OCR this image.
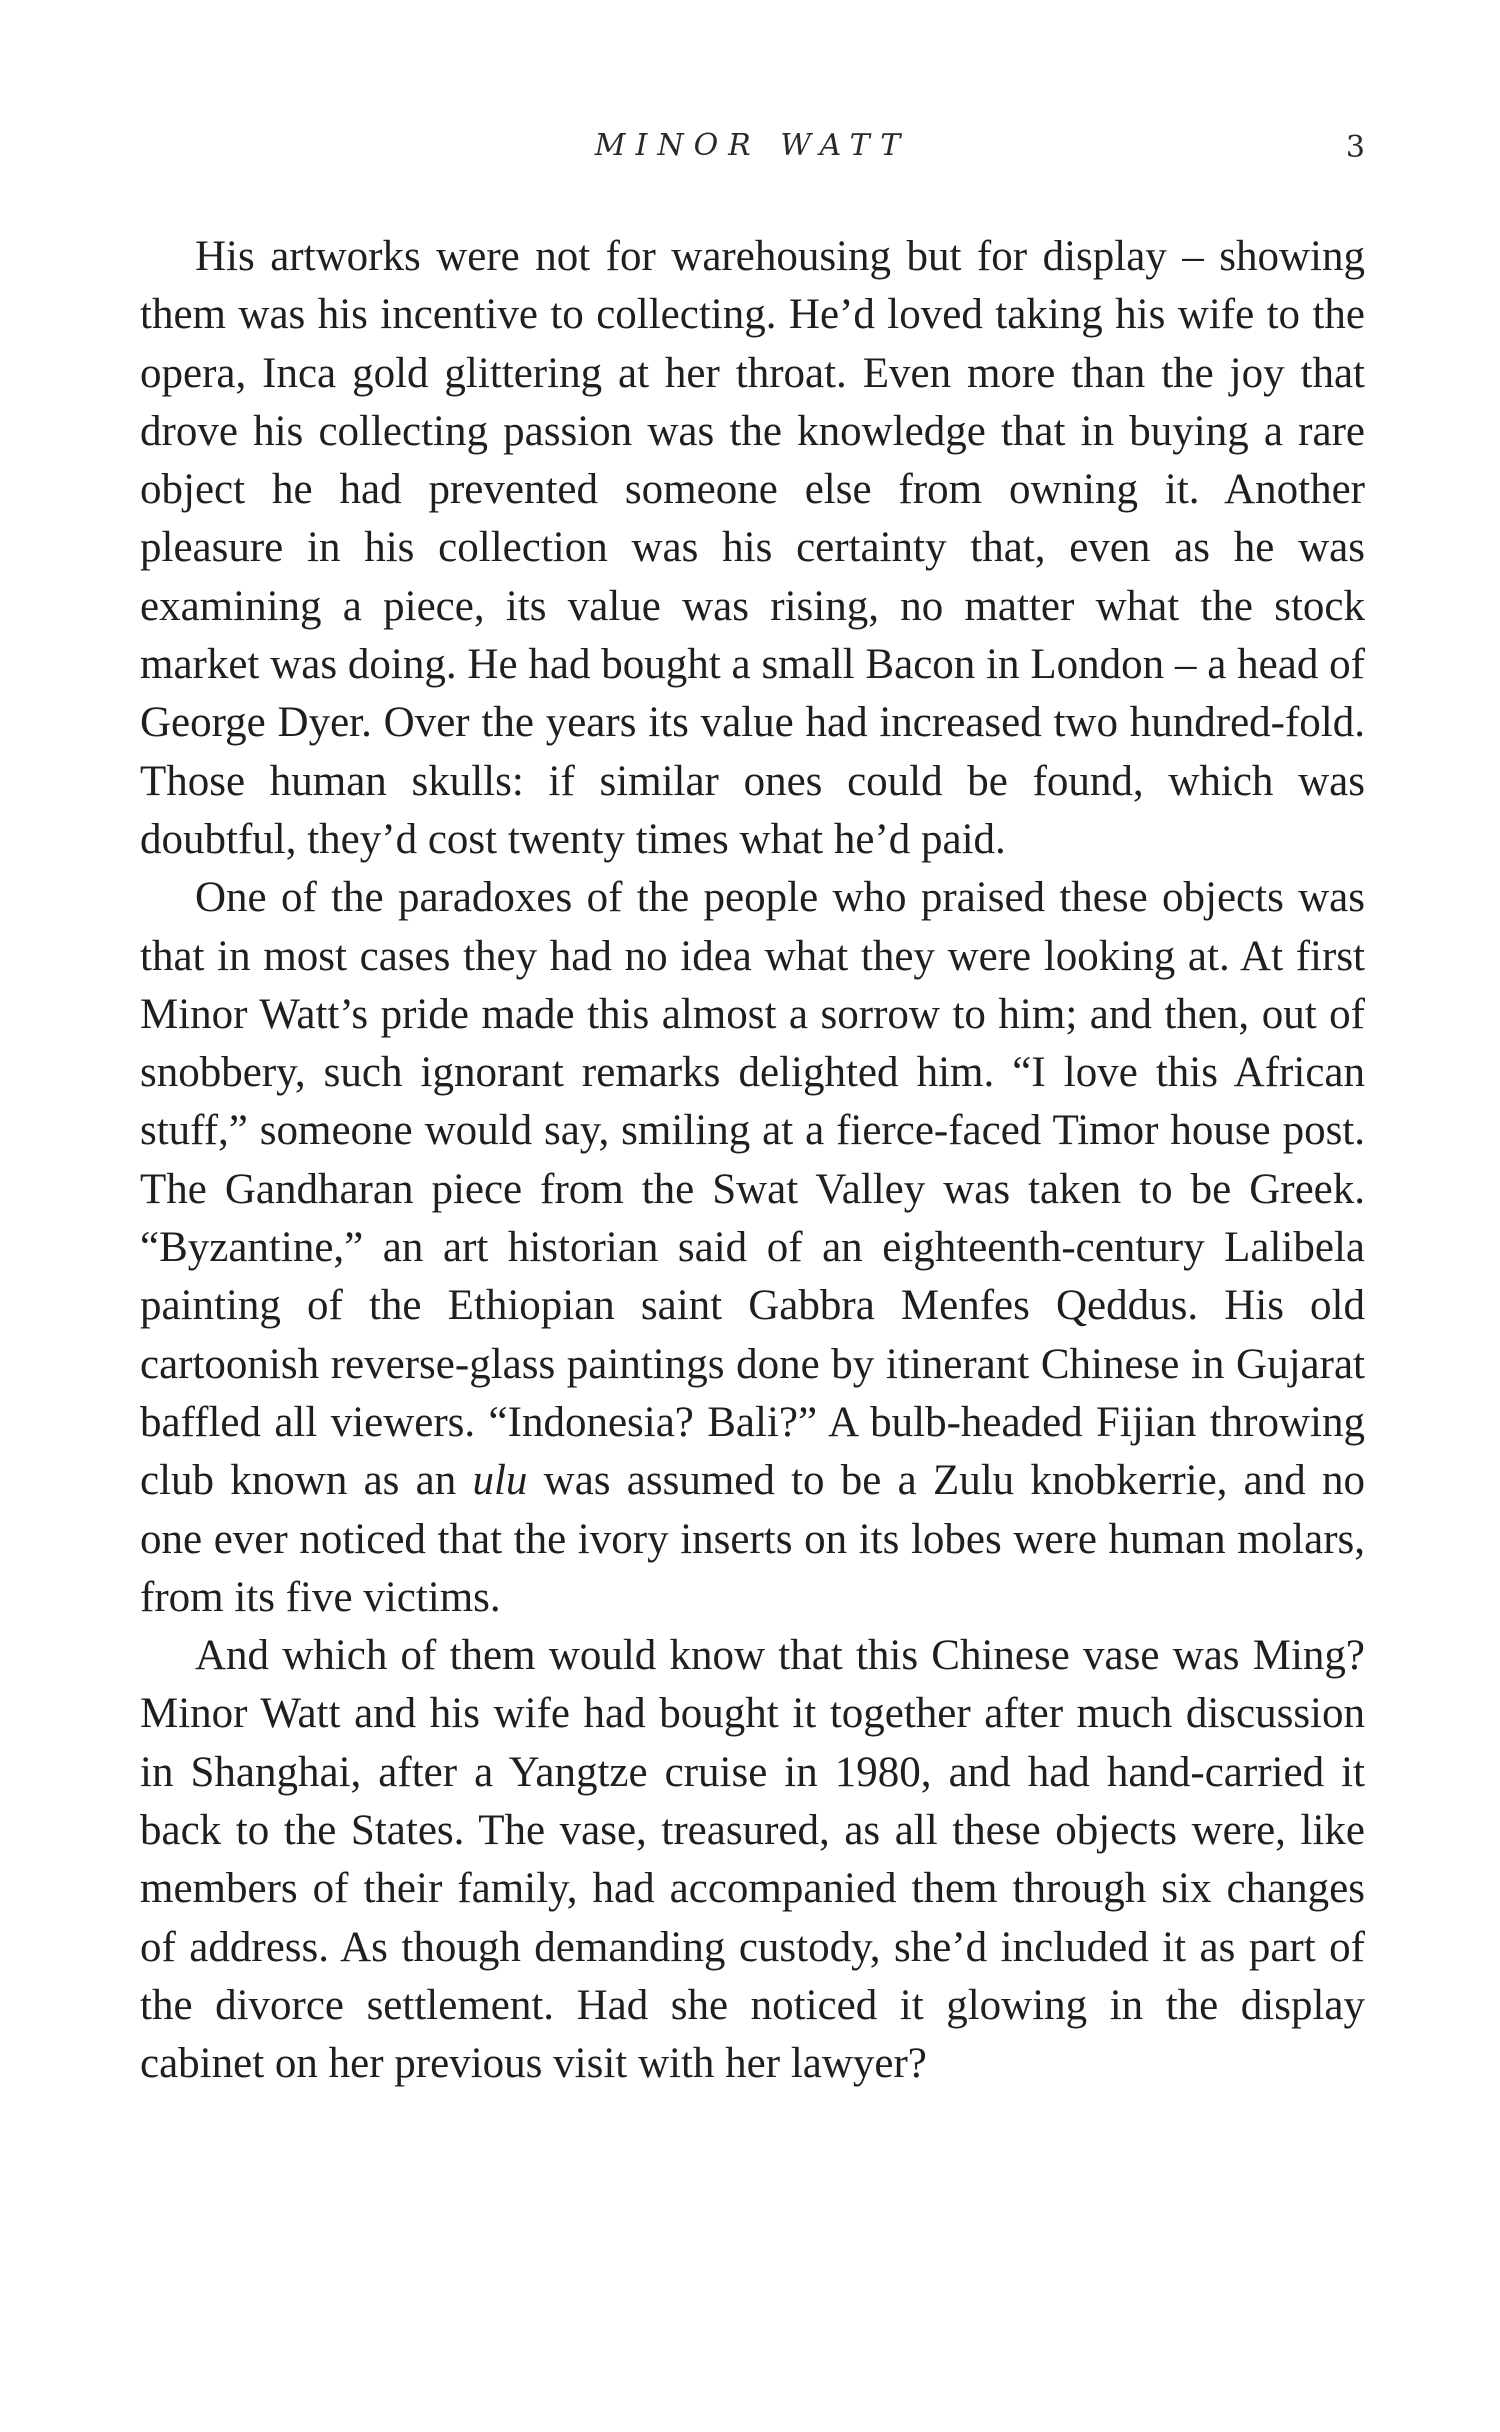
MINOR WATT	3

His artworks were not for warehousing but for display – showing them was his incentive to collecting. He’d loved taking his wife to the opera, Inca gold glittering at her throat. Even more than the joy that drove his collecting passion was the knowledge that in buying a rare object he had prevented someone else from owning it. Another pleasure in his collection was his certainty that, even as he was examining a piece, its value was rising, no matter what the stock market was doing. He had bought a small Bacon in London – a head of George Dyer. Over the years its value had increased two hundred-fold. Those human skulls: if similar ones could be found, which was doubtful, they’d cost twenty times what he’d paid.

One of the paradoxes of the people who praised these objects was that in most cases they had no idea what they were looking at. At first Minor Watt’s pride made this almost a sorrow to him; and then, out of snobbery, such ignorant remarks delighted him. “I love this African stuff,” someone would say, smiling at a fierce-faced Timor house post. The Gandharan piece from the Swat Valley was taken to be Greek. “Byzantine,” an art historian said of an eighteenth-century Lalibela painting of the Ethiopian saint Gabbra Menfes Qeddus. His old cartoonish reverse-glass paintings done by itinerant Chinese in Gujarat baffled all viewers. “Indonesia? Bali?” A bulb-headed Fijian throwing club known as an ulu was assumed to be a Zulu knobkerrie, and no one ever noticed that the ivory inserts on its lobes were human molars, from its five victims.

And which of them would know that this Chinese vase was Ming? Minor Watt and his wife had bought it together after much discussion in Shanghai, after a Yangtze cruise in 1980, and had hand-carried it back to the States. The vase, treasured, as all these objects were, like members of their family, had accompanied them through six changes of address. As though demanding custody, she’d included it as part of the divorce settlement. Had she noticed it glowing in the display cabinet on her previous visit with her lawyer?
